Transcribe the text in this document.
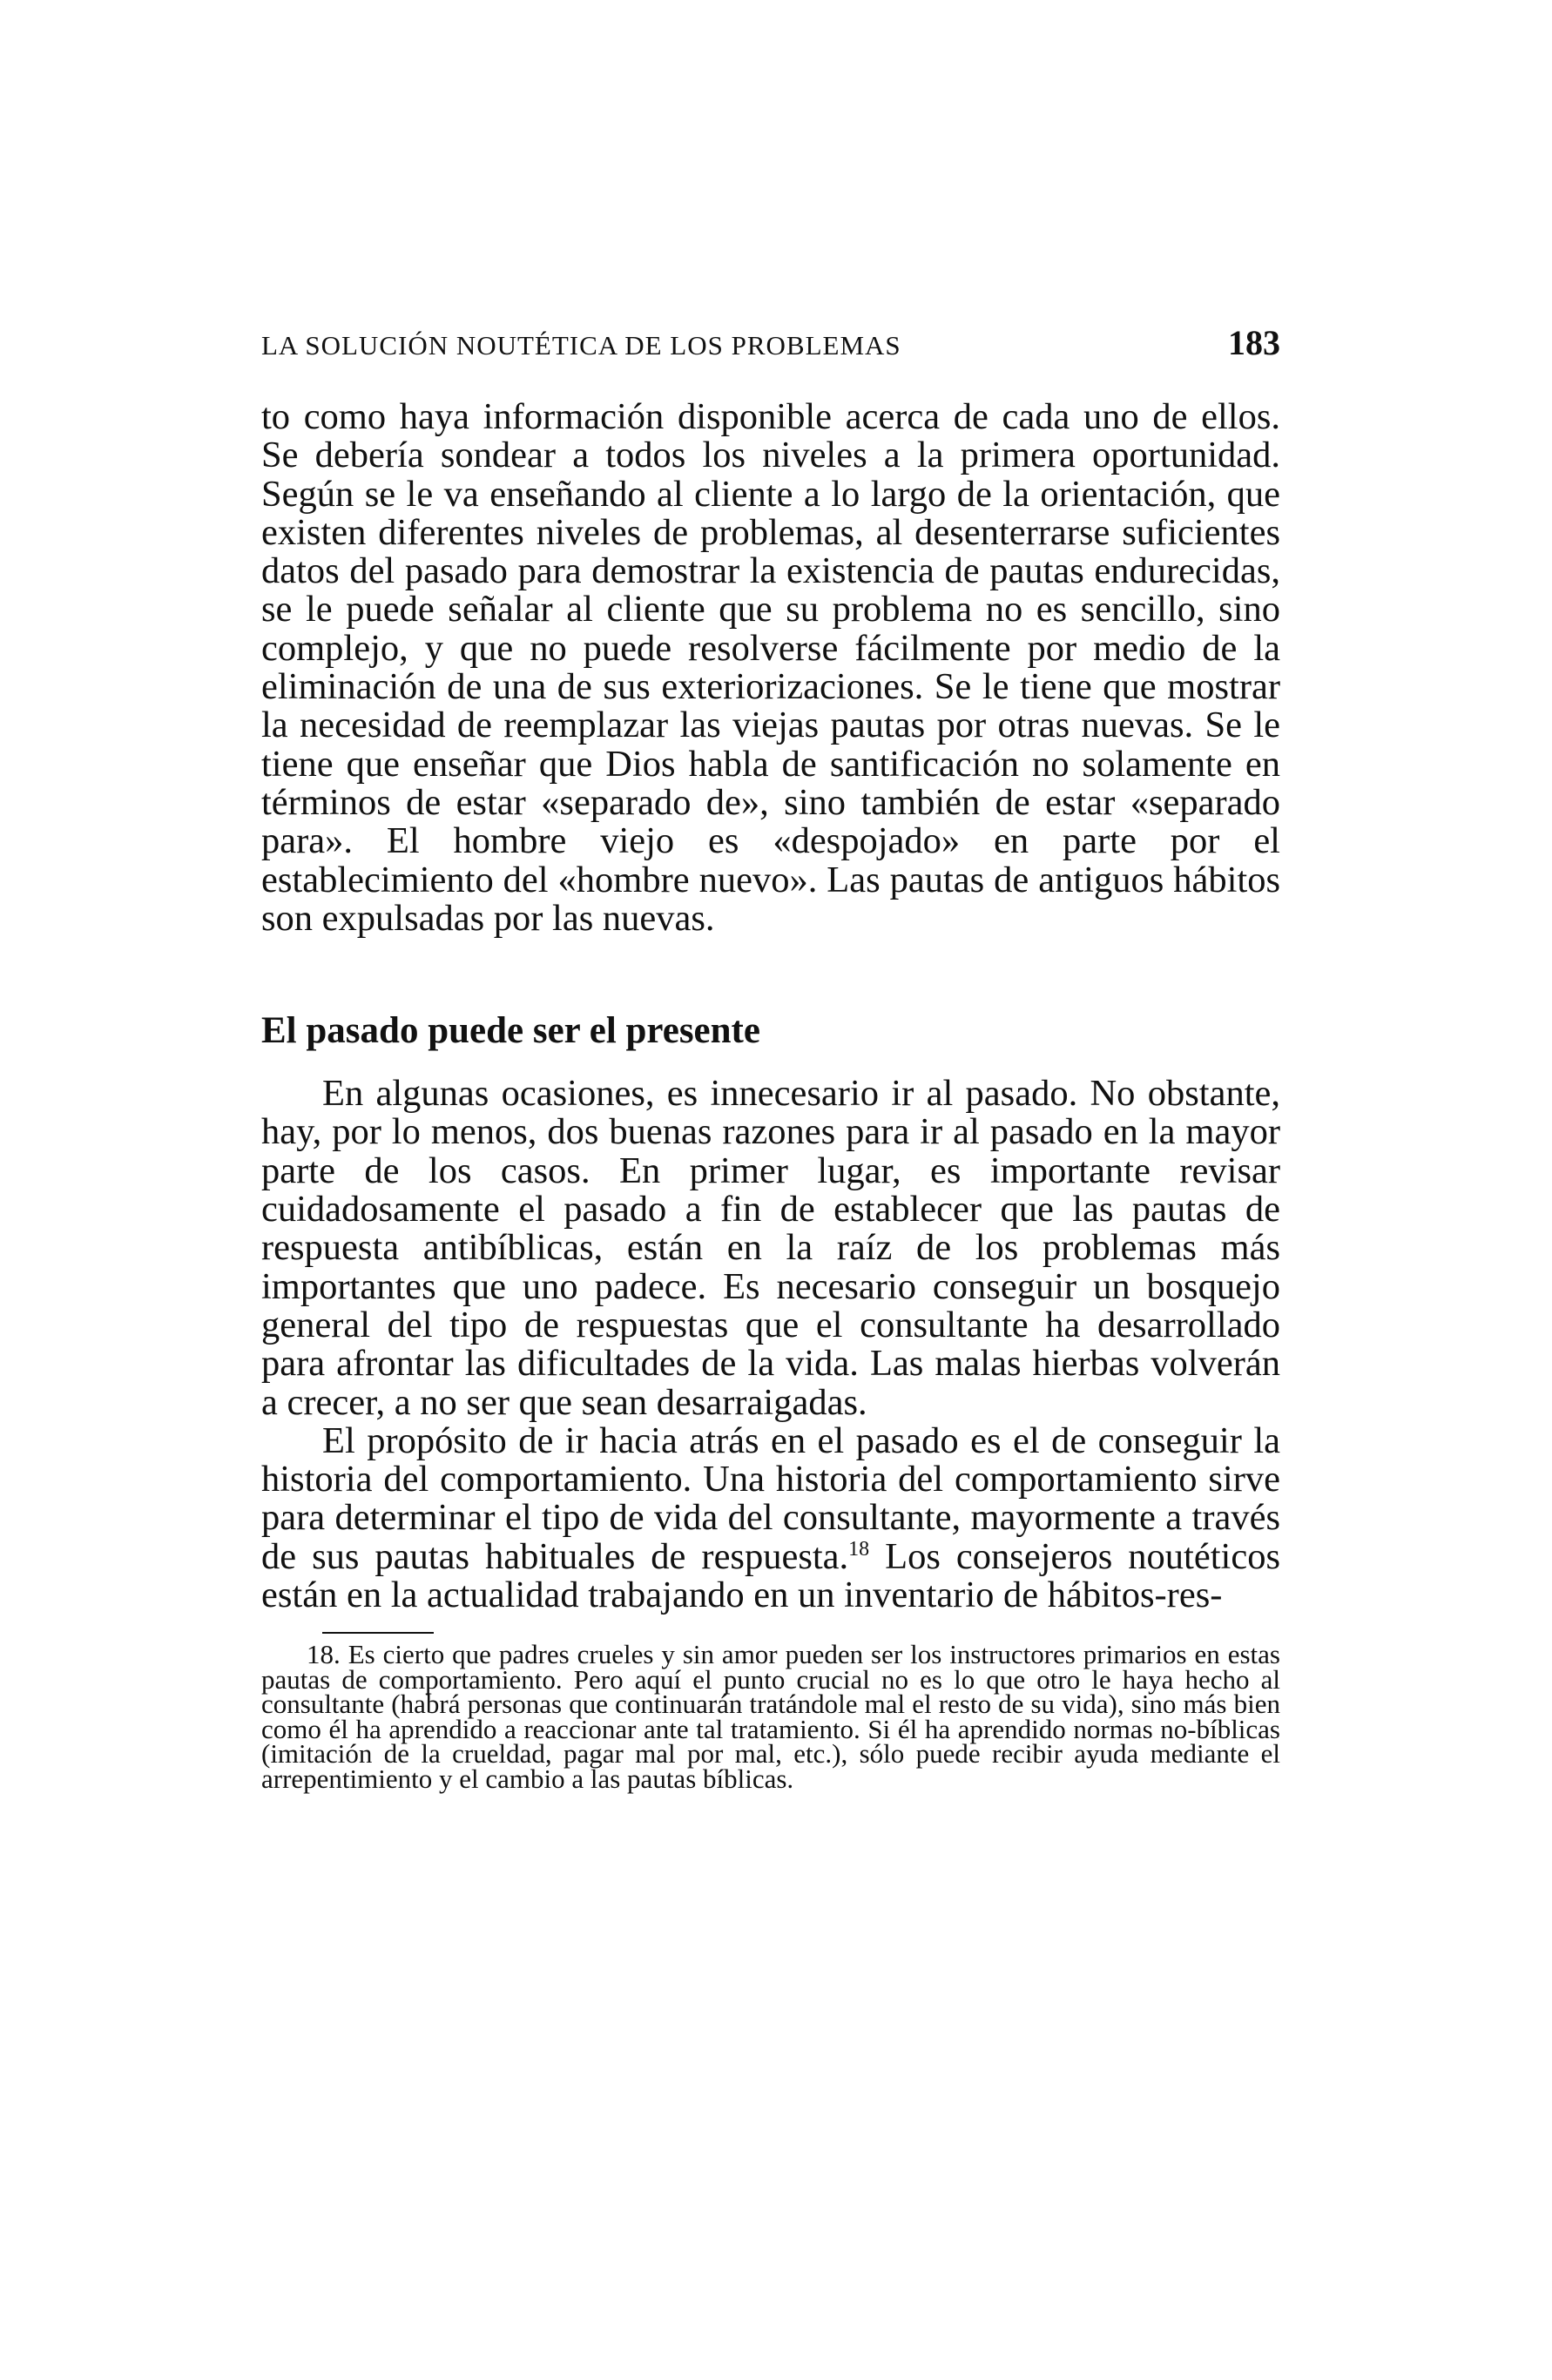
LA SOLUCIÓN NOUTÉTICA DE LOS PROBLEMAS	183

to como haya información disponible acerca de cada uno de ellos. Se debería sondear a todos los niveles a la primera oportunidad. Según se le va enseñando al cliente a lo largo de la orientación, que existen diferentes niveles de problemas, al desenterrarse suficientes datos del pasado para demostrar la existencia de pautas endurecidas, se le puede señalar al cliente que su problema no es sencillo, sino complejo, y que no puede resolverse fácilmente por medio de la eliminación de una de sus exteriorizaciones. Se le tiene que mostrar la necesidad de reemplazar las viejas pautas por otras nuevas. Se le tiene que enseñar que Dios habla de santificación no solamente en términos de estar «separado de», sino también de estar «separado para». El hombre viejo es «despojado» en parte por el establecimiento del «hombre nuevo». Las pautas de antiguos hábitos son expulsadas por las nuevas.

El pasado puede ser el presente

En algunas ocasiones, es innecesario ir al pasado. No obstante, hay, por lo menos, dos buenas razones para ir al pasado en la mayor parte de los casos. En primer lugar, es importante revisar cuidadosamente el pasado a fin de establecer que las pautas de respuesta antibíblicas, están en la raíz de los problemas más importantes que uno padece. Es necesario conseguir un bosquejo general del tipo de respuestas que el consultante ha desarrollado para afrontar las dificultades de la vida. Las malas hierbas volverán a crecer, a no ser que sean desarraigadas.

El propósito de ir hacia atrás en el pasado es el de conseguir la historia del comportamiento. Una historia del comportamiento sirve para determinar el tipo de vida del consultante, mayormente a través de sus pautas habituales de respuesta.$^{18}$ Los consejeros noutéticos están en la actualidad trabajando en un inventario de hábitos-res-

18. Es cierto que padres crueles y sin amor pueden ser los instructores primarios en estas pautas de comportamiento. Pero aquí el punto crucial no es lo que otro le haya hecho al consultante (habrá personas que continuarán tratándole mal el resto de su vida), sino más bien como él ha aprendido a reaccionar ante tal tratamiento. Si él ha aprendido normas no-bíblicas (imitación de la crueldad, pagar mal por mal, etc.), sólo puede recibir ayuda mediante el arrepentimiento y el cambio a las pautas bíblicas.
